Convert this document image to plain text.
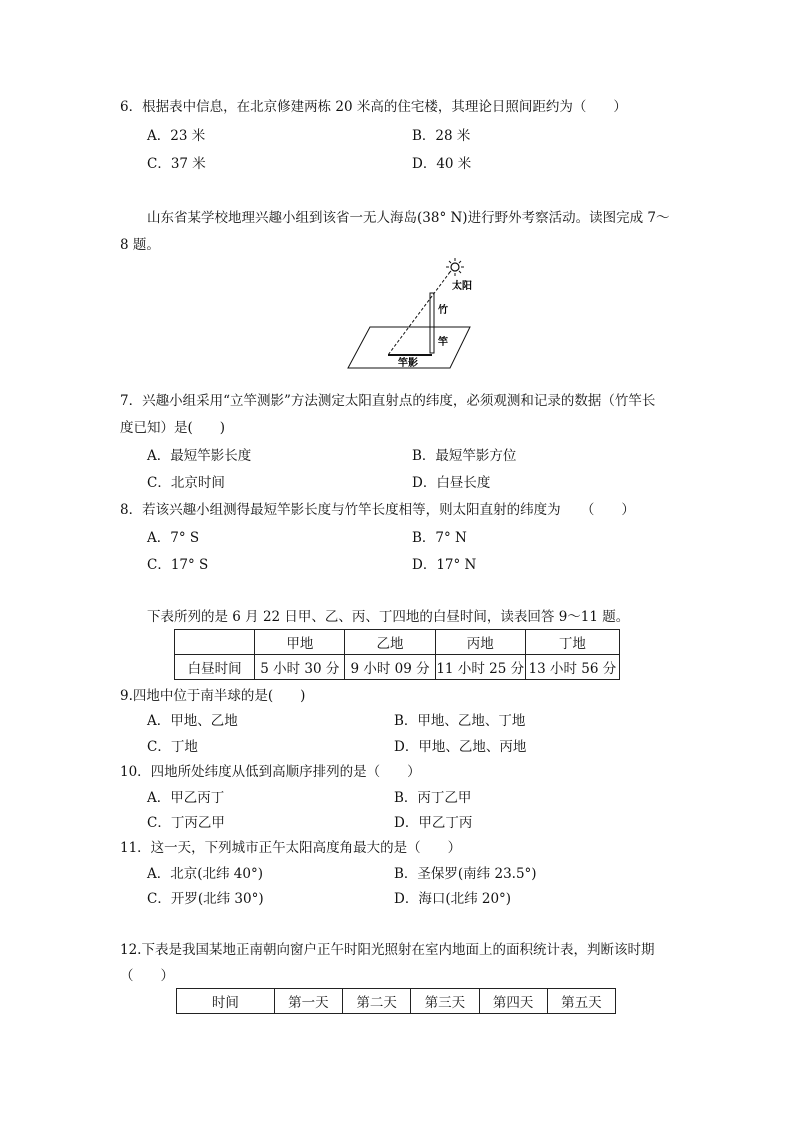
6．根据表中信息，在北京修建两栋 20 米高的住宅楼，其理论日照间距约为（　　）
A．23 米	B．28 米
C．37 米	D．40 米
山东省某学校地理兴趣小组到该省一无人海岛(38° N)进行野外考察活动。读图完成 7～
8 题。
太阳
竹
竿
竿影
7．兴趣小组采用“立竿测影”方法测定太阳直射点的纬度，必须观测和记录的数据（竹竿长
度已知）是(　　)
A．最短竿影长度	B．最短竿影方位
C．北京时间	D．白昼长度
8．若该兴趣小组测得最短竿影长度与竹竿长度相等，则太阳直射的纬度为　　（　　）
A．7° S	B．7° N
C．17° S	D．17° N
下表所列的是 6 月 22 日甲、乙、丙、丁四地的白昼时间，读表回答 9～11 题。
	甲地	乙地	丙地	丁地
白昼时间	5 小时 30 分	9 小时 09 分	11 小时 25 分	13 小时 56 分
9.四地中位于南半球的是(　　)
A．甲地、乙地	B．甲地、乙地、丁地
C．丁地	D．甲地、乙地、丙地
10．四地所处纬度从低到高顺序排列的是（　　）
A．甲乙丙丁	B．丙丁乙甲
C．丁丙乙甲	D．甲乙丁丙
11．这一天，下列城市正午太阳高度角最大的是（　　）
A．北京(北纬 40°)	B．圣保罗(南纬 23.5°)
C．开罗(北纬 30°)	D．海口(北纬 20°)
12.下表是我国某地正南朝向窗户正午时阳光照射在室内地面上的面积统计表，判断该时期
（　　）
时间	第一天	第二天	第三天	第四天	第五天
